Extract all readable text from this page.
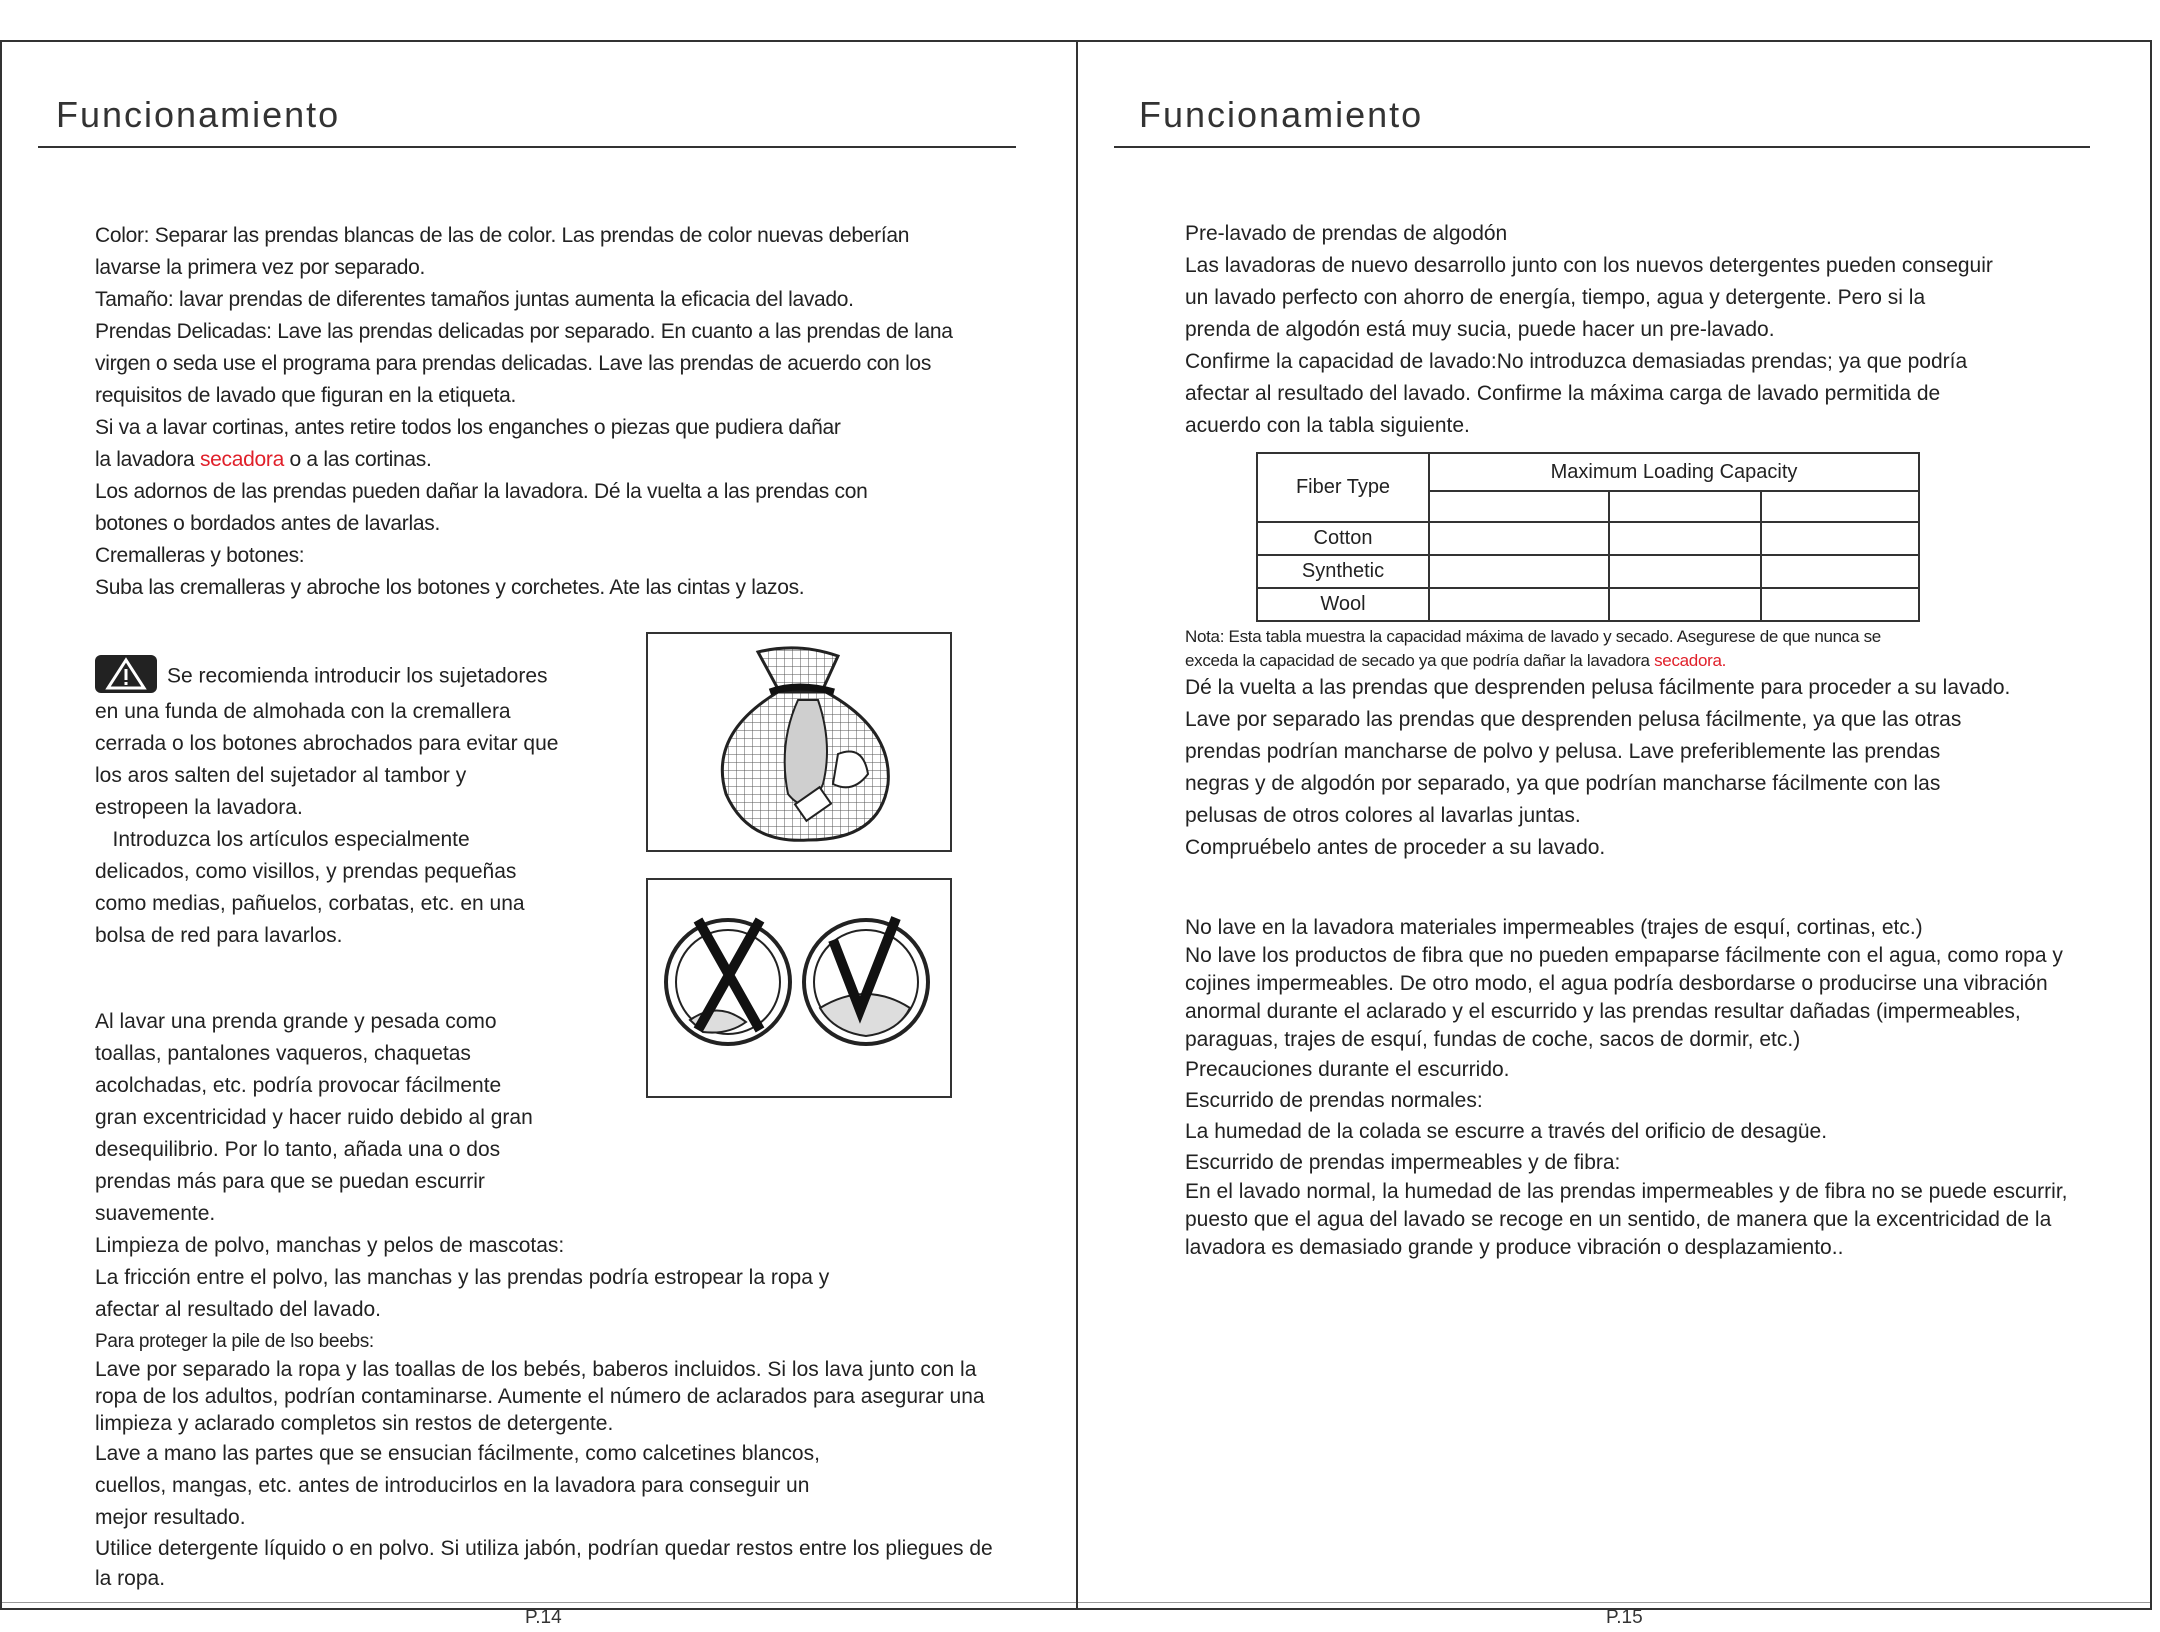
Funcionamiento
Color: Separar las prendas blancas de las de color. Las prendas de color nuevas deberían
lavarse la primera vez por separado.
Tamaño: lavar prendas de diferentes tamaños juntas aumenta la eficacia del lavado.
Prendas Delicadas: Lave las prendas delicadas por separado. En cuanto a las prendas de lana
virgen o seda use el programa para prendas delicadas. Lave las prendas de acuerdo con los
requisitos de lavado que figuran en la etiqueta.
Si va a lavar cortinas, antes retire todos los enganches o piezas que pudiera dañar
la lavadora secadora o a las cortinas.
Los adornos de las prendas pueden dañar la lavadora. Dé la vuelta a las prendas con
botones o bordados antes de lavarlas.
Cremalleras y botones:
Suba las cremalleras y abroche los botones y corchetes. Ate las cintas y lazos.
Se recomienda introducir los sujetadores
en una funda de almohada con la cremallera
cerrada o los botones abrochados para evitar que
los aros salten del sujetador al tambor y
estropeen la lavadora.
Introduzca los artículos especialmente
delicados, como visillos, y prendas pequeñas
como medias, pañuelos, corbatas, etc. en una
bolsa de red para lavarlos.
Al lavar una prenda grande y pesada como
toallas, pantalones vaqueros, chaquetas
acolchadas, etc. podría provocar fácilmente
gran excentricidad y hacer ruido debido al gran
desequilibrio. Por lo tanto, añada una o dos
prendas más para que se puedan escurrir
suavemente.
Limpieza de polvo, manchas y pelos de mascotas:
La fricción entre el polvo, las manchas y las prendas podría estropear la ropa y
afectar al resultado del lavado.
Para proteger la pile de lso beebs:
Lave por separado la ropa y las toallas de los bebés, baberos incluidos. Si los lava junto con la
ropa de los adultos, podrían contaminarse. Aumente el número de aclarados para asegurar una
limpieza y aclarado completos sin restos de detergente.
Lave a mano las partes que se ensucian fácilmente, como calcetines blancos,
cuellos, mangas, etc. antes de introducirlos en la lavadora para conseguir un
mejor resultado.
Utilice detergente líquido o en polvo. Si utiliza jabón, podrían quedar restos entre los pliegues de
la ropa.
P.14
Funcionamiento
Pre-lavado de prendas de algodón
Las lavadoras de nuevo desarrollo junto con los nuevos detergentes pueden conseguir
un lavado perfecto con ahorro de energía, tiempo, agua y detergente. Pero si la
prenda de algodón está muy sucia, puede hacer un pre-lavado.
Confirme la capacidad de lavado:No introduzca demasiadas prendas; ya que podría
afectar al resultado del lavado. Confirme la máxima carga de lavado permitida de
acuerdo con la tabla siguiente.
Fiber Type	Maximum Loading Capacity		

Cotton			
Synthetic			
Wool			
Nota: Esta tabla muestra la capacidad máxima de lavado y secado. Asegurese de que nunca se
exceda la capacidad de secado ya que podría dañar la lavadora secadora.
Dé la vuelta a las prendas que desprenden pelusa fácilmente para proceder a su lavado.
Lave por separado las prendas que desprenden pelusa fácilmente, ya que las otras
prendas podrían mancharse de polvo y pelusa. Lave preferiblemente las prendas
negras y de algodón por separado, ya que podrían mancharse fácilmente con las
pelusas de otros colores al lavarlas juntas.
Compruébelo antes de proceder a su lavado.
No lave en la lavadora materiales impermeables (trajes de esquí, cortinas, etc.)
No lave los productos de fibra que no pueden empaparse fácilmente con el agua, como ropa y
cojines impermeables. De otro modo, el agua podría desbordarse o producirse una vibración
anormal durante el aclarado y el escurrido y las prendas resultar dañadas (impermeables,
paraguas, trajes de esquí, fundas de coche, sacos de dormir, etc.)
Precauciones durante el escurrido.
Escurrido de prendas normales:
La humedad de la colada se escurre a través del orificio de desagüe.
Escurrido de prendas impermeables y de fibra:
En el lavado normal, la humedad de las prendas impermeables y de fibra no se puede escurrir,
puesto que el agua del lavado se recoge en un sentido, de manera que la excentricidad de la
lavadora es demasiado grande y produce vibración o desplazamiento..
P.15
